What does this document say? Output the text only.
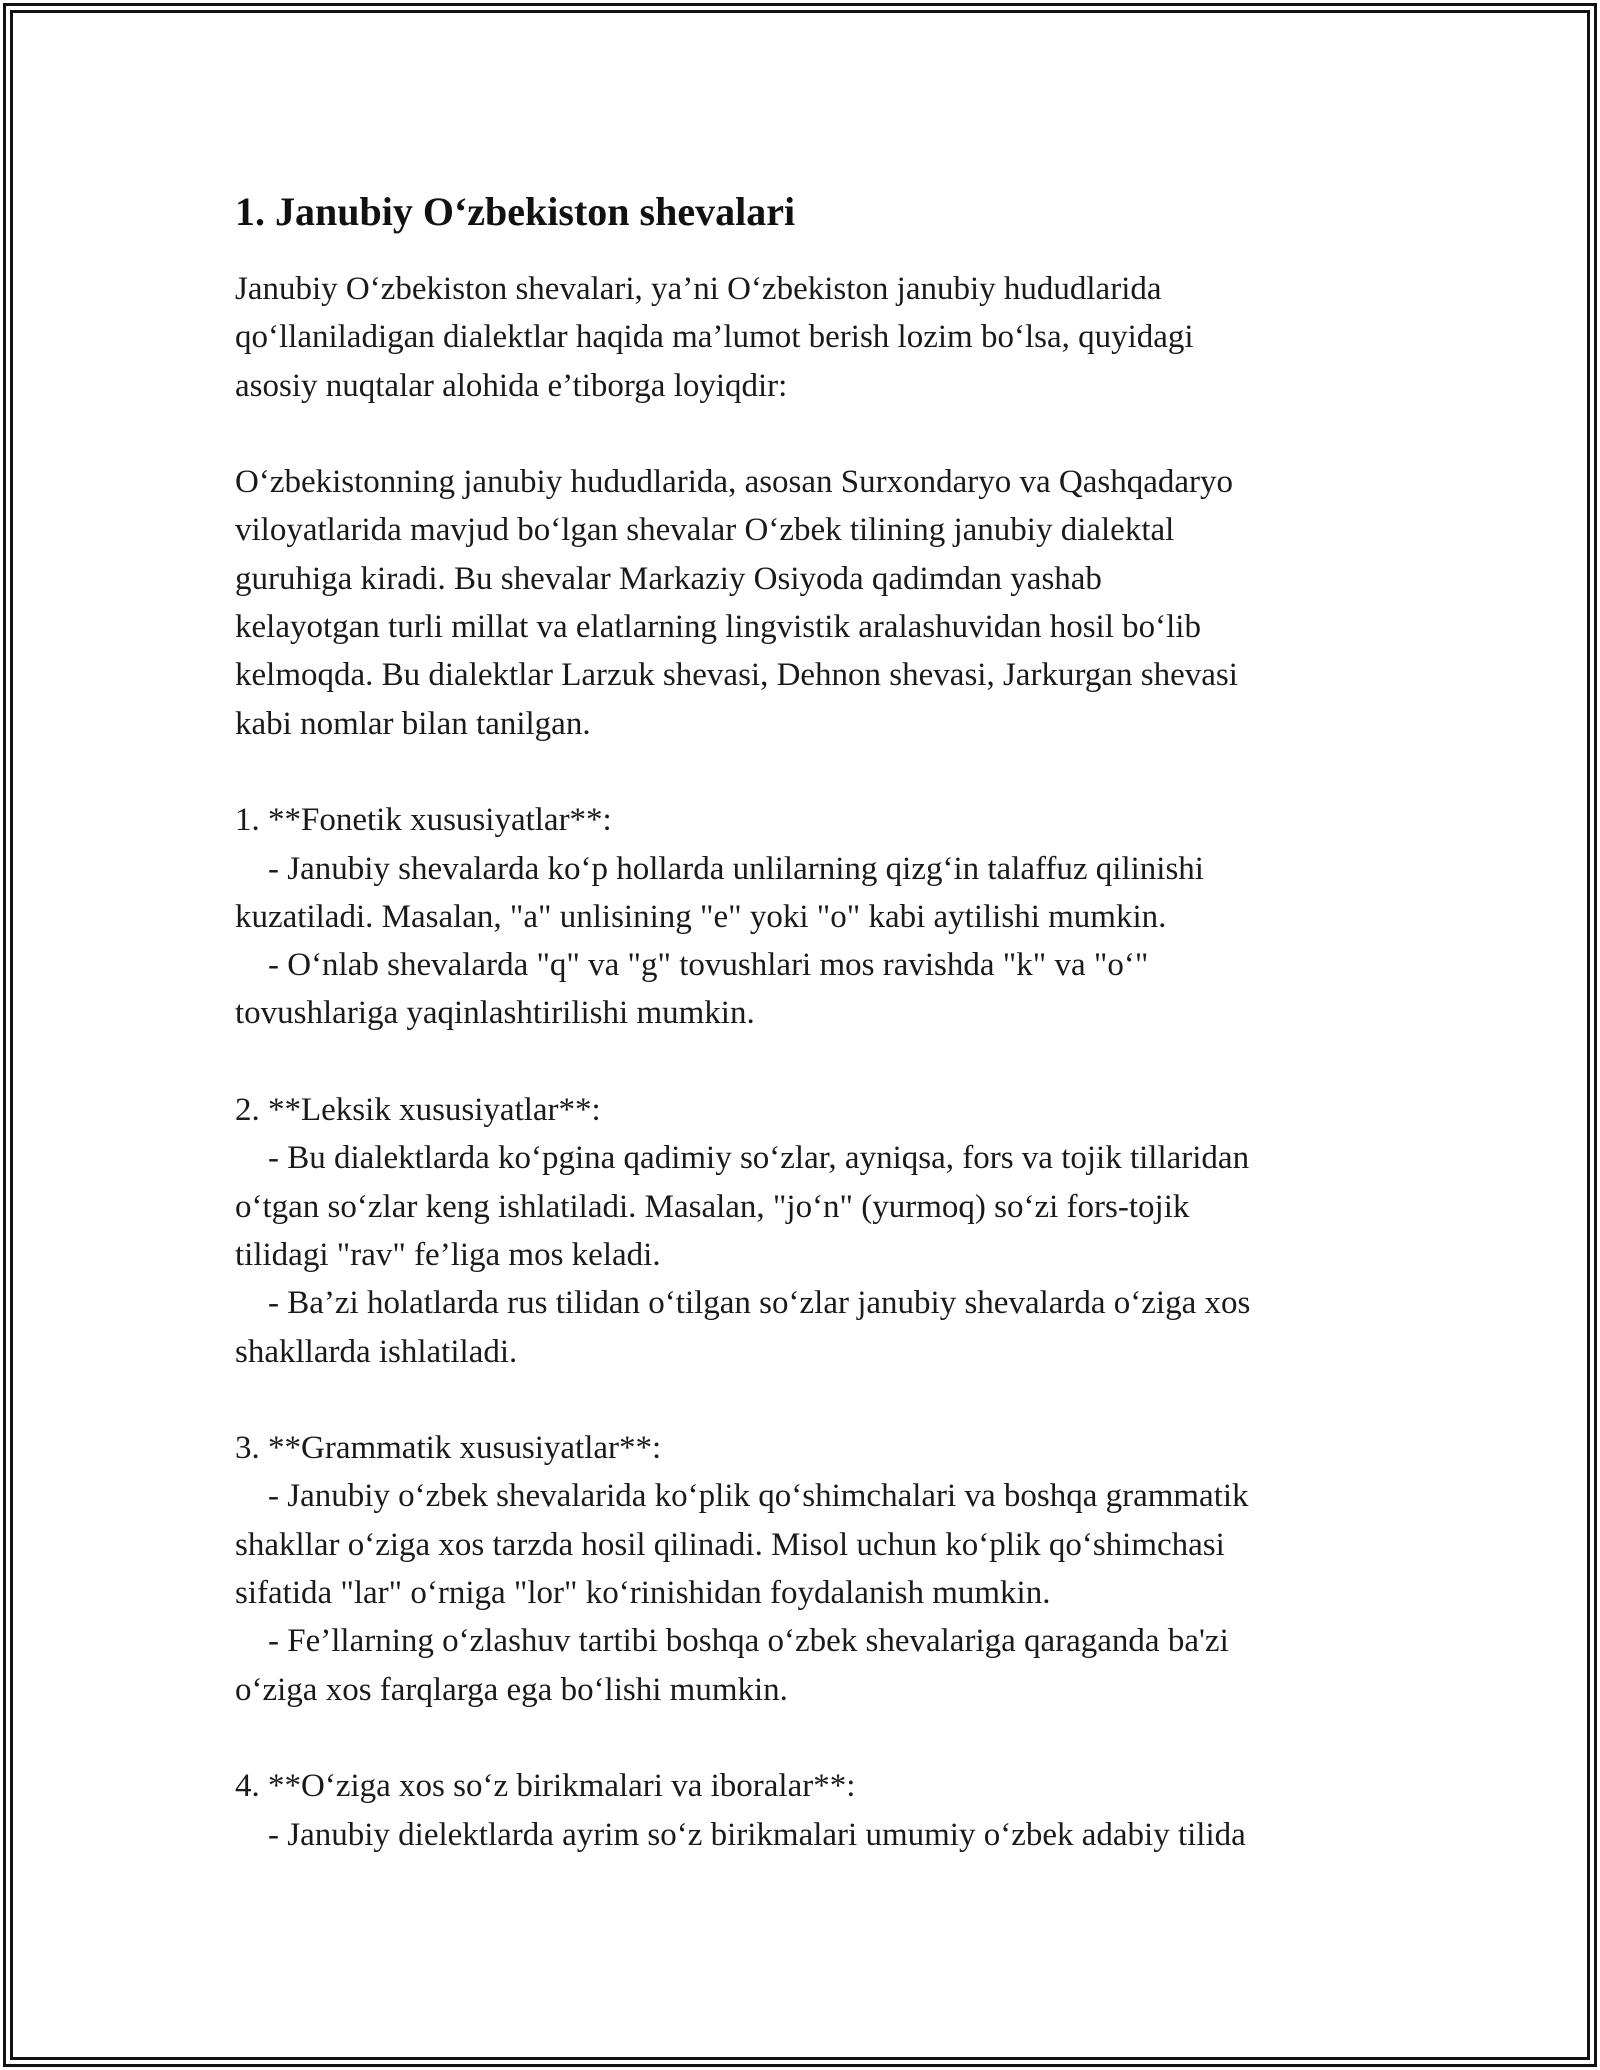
1. Janubiy O‘zbekiston shevalari
Janubiy O‘zbekiston shevalari, ya’ni O‘zbekiston janubiy hududlarida
qo‘llaniladigan dialektlar haqida ma’lumot berish lozim bo‘lsa, quyidagi
asosiy nuqtalar alohida e’tiborga loyiqdir:
O‘zbekistonning janubiy hududlarida, asosan Surxondaryo va Qashqadaryo
viloyatlarida mavjud bo‘lgan shevalar O‘zbek tilining janubiy dialektal
guruhiga kiradi. Bu shevalar Markaziy Osiyoda qadimdan yashab
kelayotgan turli millat va elatlarning lingvistik aralashuvidan hosil bo‘lib
kelmoqda. Bu dialektlar Larzuk shevasi, Dehnon shevasi, Jarkurgan shevasi
kabi nomlar bilan tanilgan.
1. **Fonetik xususiyatlar**:
- Janubiy shevalarda ko‘p hollarda unlilarning qizg‘in talaffuz qilinishi
kuzatiladi. Masalan, "a" unlisining "e" yoki "o" kabi aytilishi mumkin.
- O‘nlab shevalarda "q" va "g" tovushlari mos ravishda "k" va "o‘"
tovushlariga yaqinlashtirilishi mumkin.
2. **Leksik xususiyatlar**:
- Bu dialektlarda ko‘pgina qadimiy so‘zlar, ayniqsa, fors va tojik tillaridan
o‘tgan so‘zlar keng ishlatiladi. Masalan, "jo‘n" (yurmoq) so‘zi fors-tojik
tilidagi "rav" fe’liga mos keladi.
- Ba’zi holatlarda rus tilidan o‘tilgan so‘zlar janubiy shevalarda o‘ziga xos
shakllarda ishlatiladi.
3. **Grammatik xususiyatlar**:
- Janubiy o‘zbek shevalarida ko‘plik qo‘shimchalari va boshqa grammatik
shakllar o‘ziga xos tarzda hosil qilinadi. Misol uchun ko‘plik qo‘shimchasi
sifatida "lar" o‘rniga "lor" ko‘rinishidan foydalanish mumkin.
- Fe’llarning o‘zlashuv tartibi boshqa o‘zbek shevalariga qaraganda ba'zi
o‘ziga xos farqlarga ega bo‘lishi mumkin.
4. **O‘ziga xos so‘z birikmalari va iboralar**:
- Janubiy dielektlarda ayrim so‘z birikmalari umumiy o‘zbek adabiy tilida
